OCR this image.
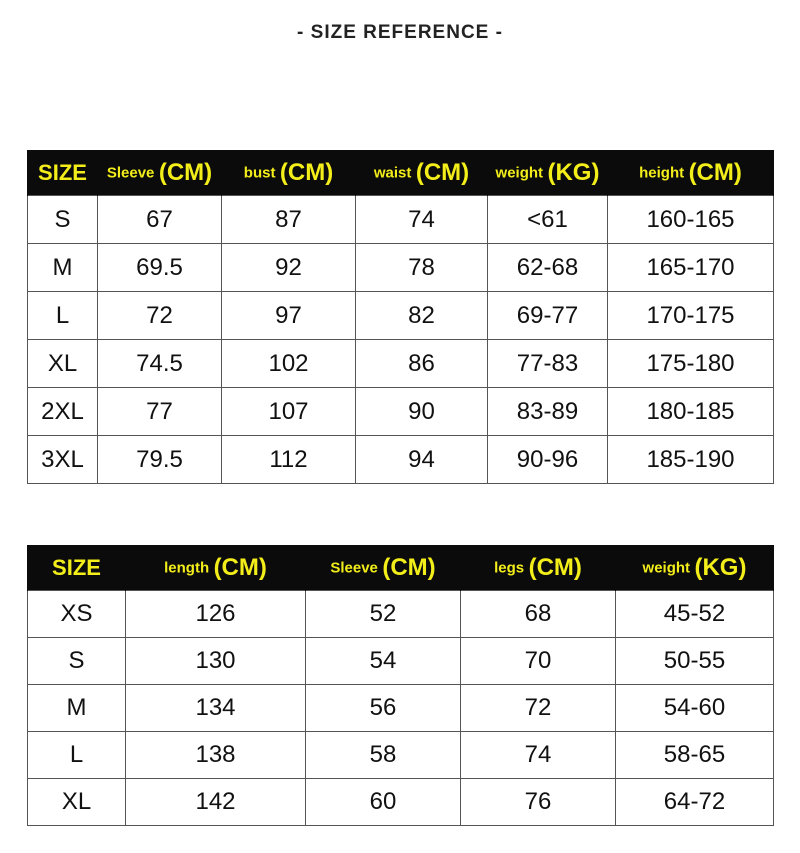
- SIZE REFERENCE -
SIZE	Sleeve (CM)	bust (CM)	waist (CM)	weight (KG)	height (CM)
S	67	87	74	<61	160-165
M	69.5	92	78	62-68	165-170
L	72	97	82	69-77	170-175
XL	74.5	102	86	77-83	175-180
2XL	77	107	90	83-89	180-185
3XL	79.5	112	94	90-96	185-190
SIZE	length (CM)	Sleeve (CM)	legs (CM)	weight (KG)
XS	126	52	68	45-52
S	130	54	70	50-55
M	134	56	72	54-60
L	138	58	74	58-65
XL	142	60	76	64-72
